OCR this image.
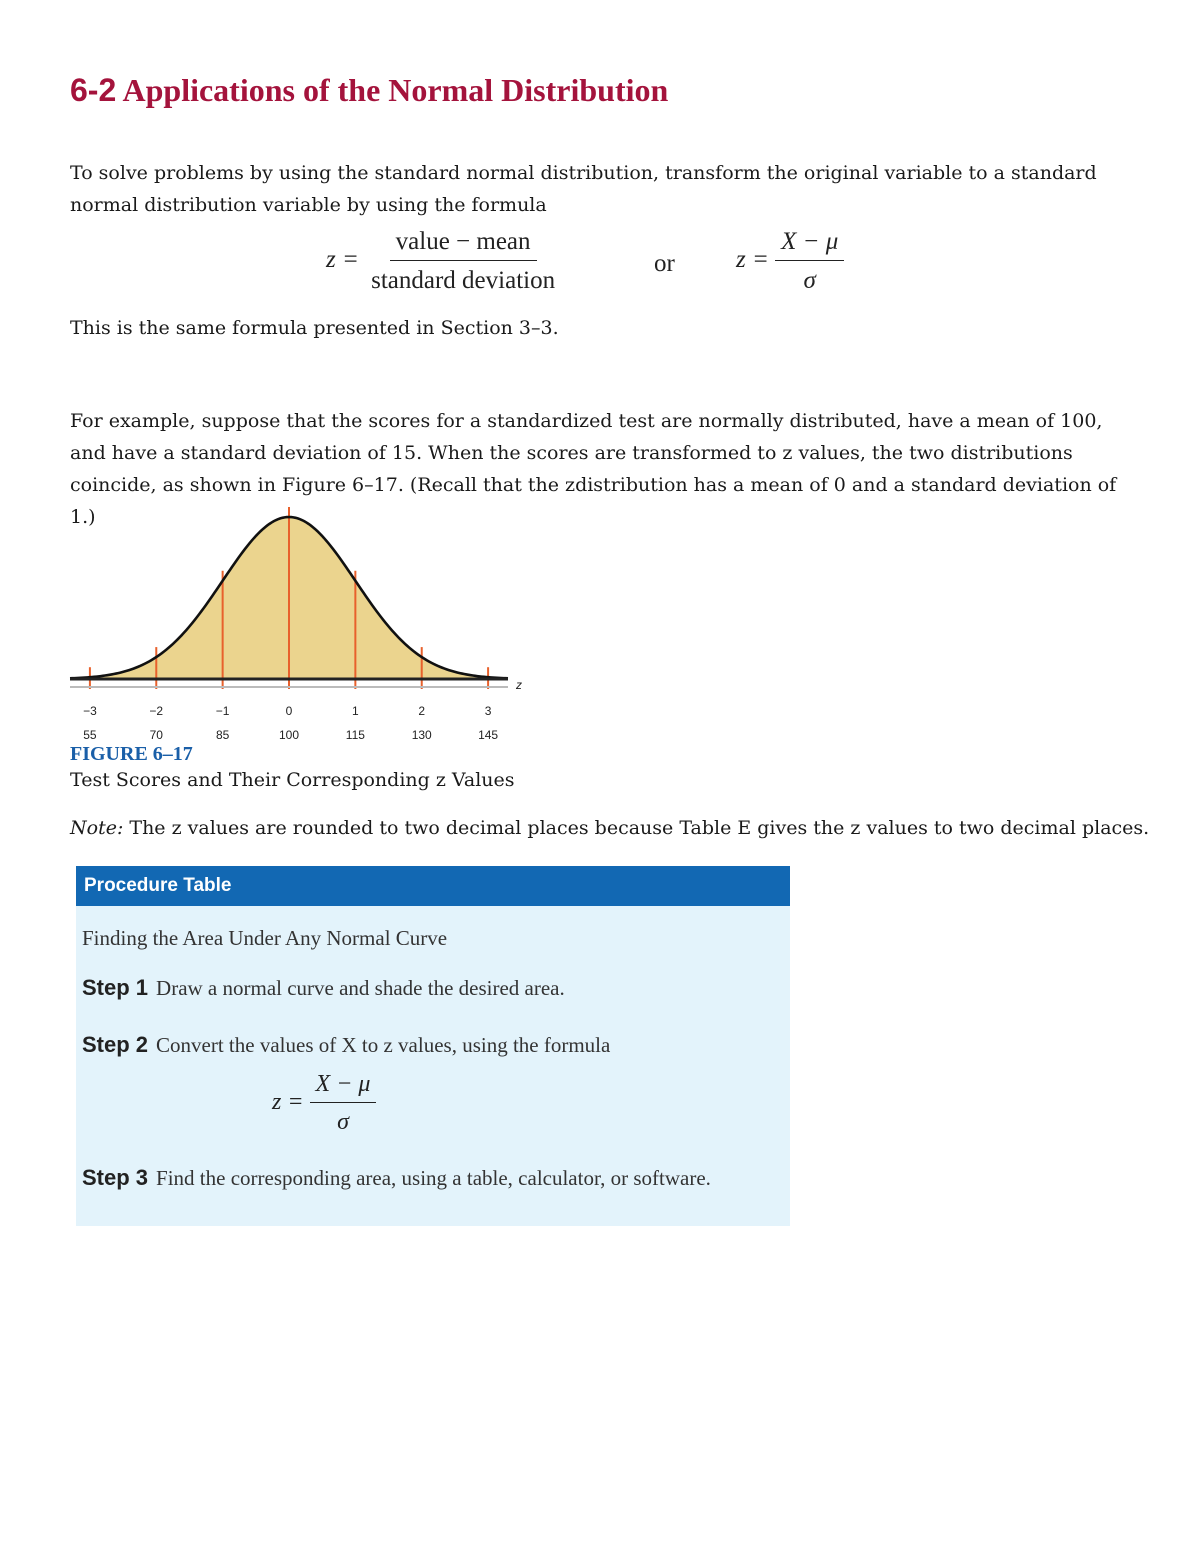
6-2 Applications of the Normal Distribution
To solve problems by using the standard normal distribution, transform the original variable to a standard normal distribution variable by using the formula
$z = \frac{\text{value − mean}}{\text{standard deviation}}$	or $z = \frac{X - \mu}{\sigma}$
This is the same formula presented in Section 3–3.
For example, suppose that the scores for a standardized test are normally distributed, have a mean of 100, and have a standard deviation of 15. When the scores are transformed to z values, the two distributions coincide, as shown in Figure 6–17. (Recall that the zdistribution has a mean of 0 and a standard deviation of 1.)
z
−3
55
−2
70
−1
85
0
100
1
115
2
130
3
145
FIGURE 6–17
Test Scores and Their Corresponding z Values
Note: The z values are rounded to two decimal places because Table E gives the z values to two decimal places.
Procedure Table
Finding the Area Under Any Normal Curve
Step 1 Draw a normal curve and shade the desired area.
Step 2 Convert the values of X to z values, using the formula
$z = \frac{X - \mu}{\sigma}$
Step 3 Find the corresponding area, using a table, calculator, or software.
